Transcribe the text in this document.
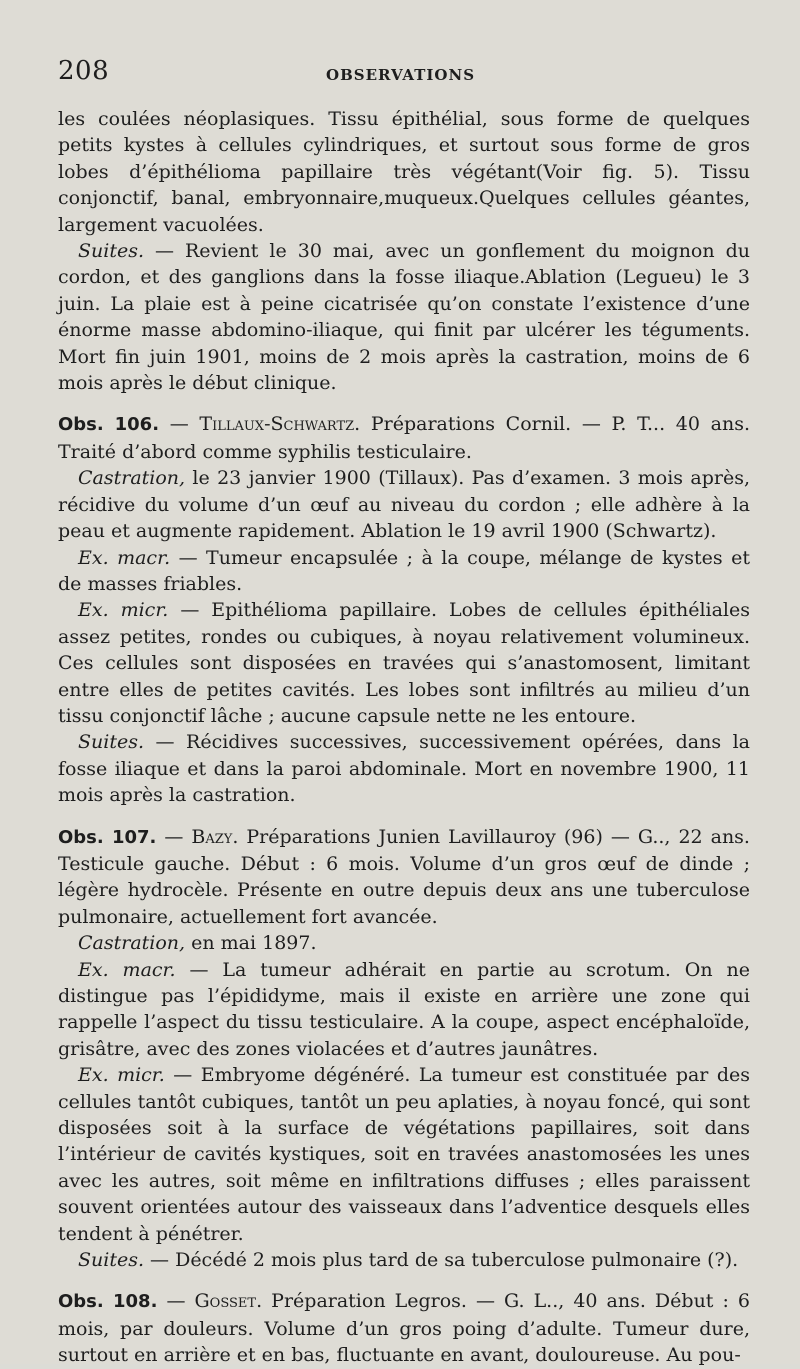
208	OBSERVATIONS

les coulées néoplasiques. Tissu épithélial, sous forme de quelques petits kystes à cellules cylindriques, et surtout sous forme de gros lobes d’épithélioma papillaire très végétant(Voir fig. 5). Tissu conjonctif, banal, embryonnaire,muqueux.Quelques cellules géantes, largement vacuolées.

Suites. — Revient le 30 mai, avec un gonflement du moignon du cordon, et des ganglions dans la fosse iliaque.Ablation (Legueu) le 3 juin. La plaie est à peine cicatrisée qu’on constate l’existence d’une énorme masse abdomino-iliaque, qui finit par ulcérer les téguments. Mort fin juin 1901, moins de 2 mois après la castration, moins de 6 mois après le début clinique.

Obs. 106. — Tillaux-Schwartz. Préparations Cornil. — P. T... 40 ans. Traité d’abord comme syphilis testiculaire.

Castration, le 23 janvier 1900 (Tillaux). Pas d’examen. 3 mois après, récidive du volume d’un œuf au niveau du cordon ; elle adhère à la peau et augmente rapidement. Ablation le 19 avril 1900 (Schwartz).

Ex. macr. — Tumeur encapsulée ; à la coupe, mélange de kystes et de masses friables.

Ex. micr. — Epithélioma papillaire. Lobes de cellules épithéliales assez petites, rondes ou cubiques, à noyau relativement volumineux. Ces cellules sont disposées en travées qui s’anastomosent, limitant entre elles de petites cavités. Les lobes sont infiltrés au milieu d’un tissu conjonctif lâche ; aucune capsule nette ne les entoure.

Suites. — Récidives successives, successivement opérées, dans la fosse iliaque et dans la paroi abdominale. Mort en novembre 1900, 11 mois après la castration.

Obs. 107. — Bazy. Préparations Junien Lavillauroy (96) — G.., 22 ans. Testicule gauche. Début : 6 mois. Volume d’un gros œuf de dinde ; légère hydrocèle. Présente en outre depuis deux ans une tuberculose pulmonaire, actuellement fort avancée.

Castration, en mai 1897.

Ex. macr. — La tumeur adhérait en partie au scrotum. On ne distingue pas l’épididyme, mais il existe en arrière une zone qui rappelle l’aspect du tissu testiculaire. A la coupe, aspect encéphaloïde, grisâtre, avec des zones violacées et d’autres jaunâtres.

Ex. micr. — Embryome dégénéré. La tumeur est constituée par des cellules tantôt cubiques, tantôt un peu aplaties, à noyau foncé, qui sont disposées soit à la surface de végétations papillaires, soit dans l’intérieur de cavités kystiques, soit en travées anastomosées les unes avec les autres, soit même en infiltrations diffuses ; elles paraissent souvent orientées autour des vaisseaux dans l’adventice desquels elles tendent à pénétrer.

Suites. — Décédé 2 mois plus tard de sa tuberculose pulmonaire (?).

Obs. 108. — Gosset. Préparation Legros. — G. L.., 40 ans. Début : 6 mois, par douleurs. Volume d’un gros poing d’adulte. Tumeur dure, surtout en arrière et en bas, fluctuante en avant, douloureuse. Au pou-
